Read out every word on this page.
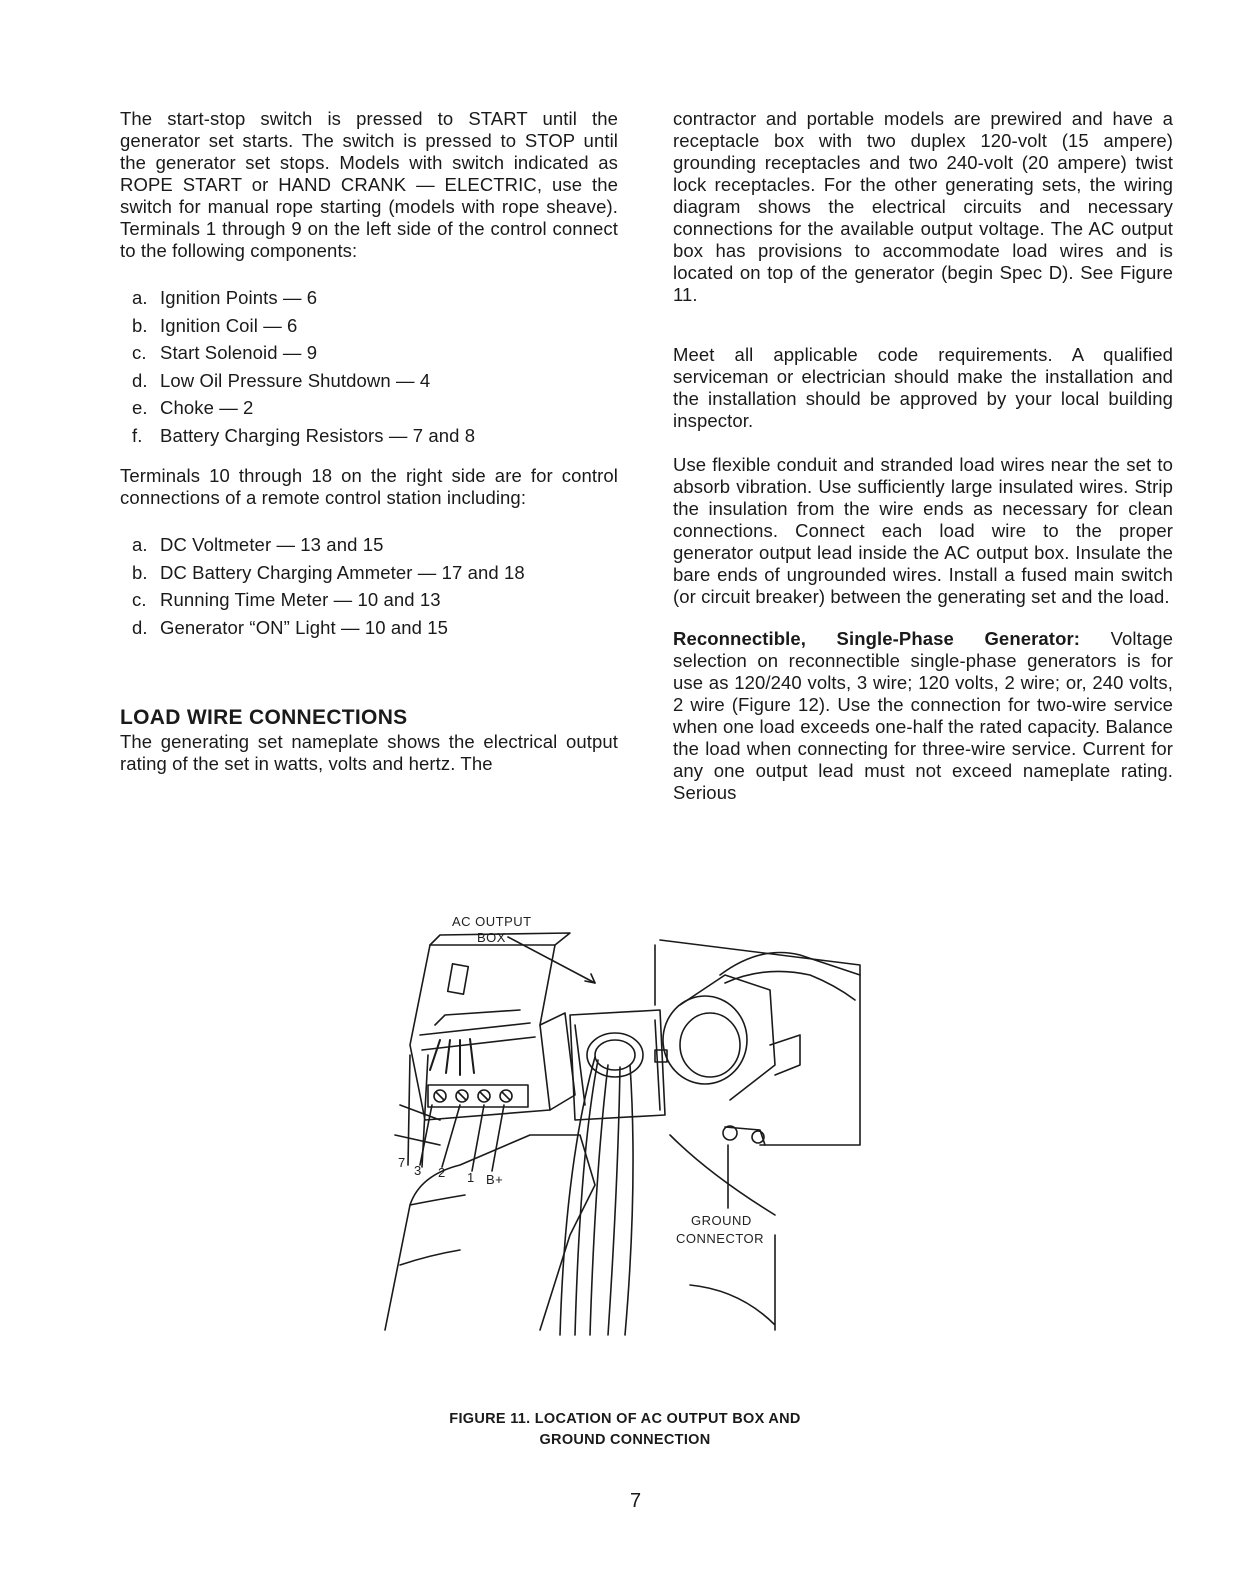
The start-stop switch is pressed to START until the generator set starts. The switch is pressed to STOP until the generator set stops. Models with switch indicated as ROPE START or HAND CRANK — ELECTRIC, use the switch for manual rope starting (models with rope sheave). Terminals 1 through 9 on the left side of the control connect to the following components:

a. Ignition Points — 6
b. Ignition Coil — 6
c. Start Solenoid — 9
d. Low Oil Pressure Shutdown — 4
e. Choke — 2
f. Battery Charging Resistors — 7 and 8

Terminals 10 through 18 on the right side are for control connections of a remote control station including:

a. DC Voltmeter — 13 and 15
b. DC Battery Charging Ammeter — 17 and 18
c. Running Time Meter — 10 and 13
d. Generator “ON” Light — 10 and 15
LOAD WIRE CONNECTIONS

The generating set nameplate shows the electrical output rating of the set in watts, volts and hertz. The

contractor and portable models are prewired and have a receptacle box with two duplex 120-volt (15 ampere) grounding receptacles and two 240-volt (20 ampere) twist lock receptacles. For the other generating sets, the wiring diagram shows the electrical circuits and necessary connections for the available output voltage. The AC output box has provisions to accommodate load wires and is located on top of the generator (begin Spec D). See Figure 11.

Meet all applicable code requirements. A qualified serviceman or electrician should make the installation and the installation should be approved by your local building inspector.

Use flexible conduit and stranded load wires near the set to absorb vibration. Use sufficiently large insulated wires. Strip the insulation from the wire ends as necessary for clean connections. Connect each load wire to the proper generator output lead inside the AC output box. Insulate the bare ends of ungrounded wires. Install a fused main switch (or circuit breaker) between the generating set and the load.

Reconnectible, Single-Phase Generator: Voltage selection on reconnectible single-phase generators is for use as 120/240 volts, 3 wire; 120 volts, 2 wire; or, 240 volts, 2 wire (Figure 12). Use the connection for two-wire service when one load exceeds one-half the rated capacity. Balance the load when connecting for three-wire service. Current for any one output lead must not exceed nameplate rating. Serious

AC OUTPUT
BOX
7
3 2 1 B+
GROUND
CONNECTOR
FIGURE 11. LOCATION OF AC OUTPUT BOX AND
GROUND CONNECTION
7
